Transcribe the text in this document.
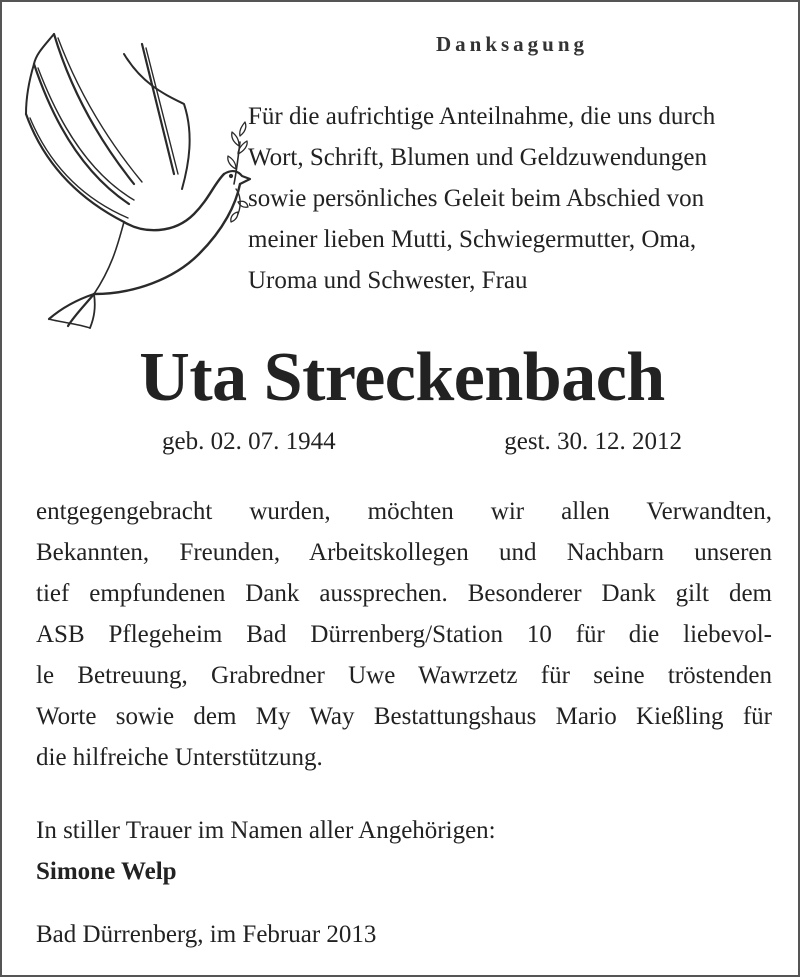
Danksagung
Für die aufrichtige Anteilnahme, die uns durch
Wort, Schrift, Blumen und Geldzuwendungen
sowie persönliches Geleit beim Abschied von
meiner lieben Mutti, Schwiegermutter, Oma,
Uroma und Schwester, Frau
Uta Streckenbach
geb. 02. 07. 1944	gest. 30. 12. 2012
entgegengebracht wurden, möchten wir allen Verwandten,
Bekannten, Freunden, Arbeitskollegen und Nachbarn unseren
tief empfundenen Dank aussprechen. Besonderer Dank gilt dem
ASB Pflegeheim Bad Dürrenberg/Station 10 für die liebevol-
le Betreuung, Grabredner Uwe Wawrzetz für seine tröstenden
Worte sowie dem My Way Bestattungshaus Mario Kießling für
die hilfreiche Unterstützung.
In stiller Trauer im Namen aller Angehörigen:
Simone Welp
Bad Dürrenberg, im Februar 2013
